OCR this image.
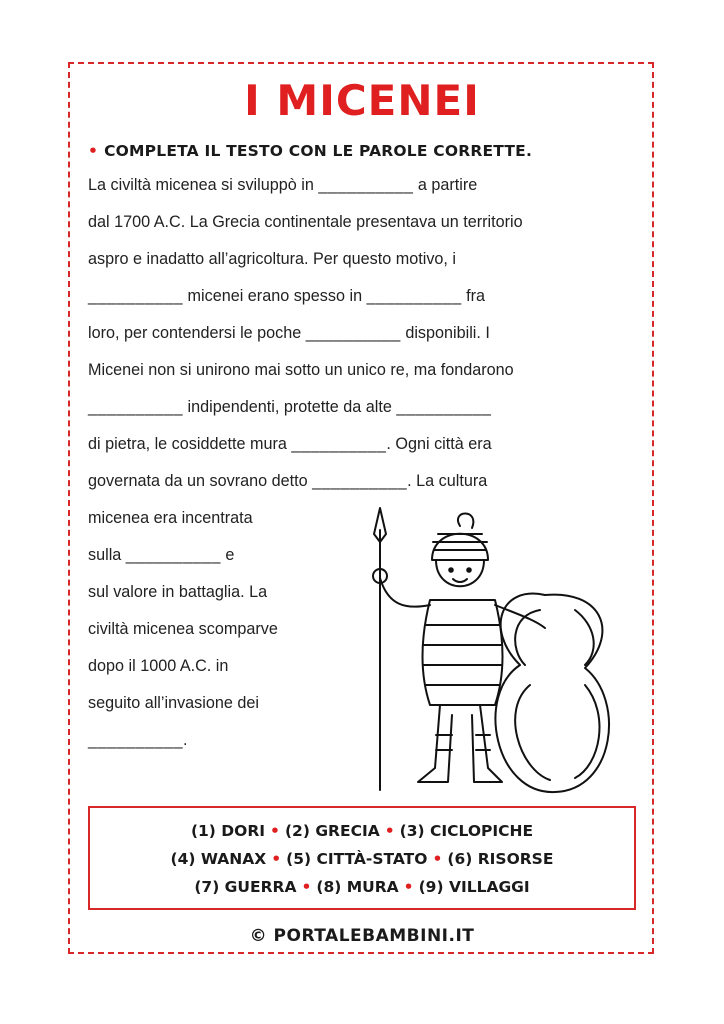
I MICENEI
• COMPLETA IL TESTO CON LE PAROLE CORRETTE.
La civiltà micenea si sviluppò in __________ a partire
dal 1700 A.C. La Grecia continentale presentava un territorio
aspro e inadatto all’agricoltura. Per questo motivo, i
__________ micenei erano spesso in __________ fra
loro, per contendersi le poche __________ disponibili. I
Micenei non si unirono mai sotto un unico re, ma fondarono
__________ indipendenti, protette da alte __________
di pietra, le cosiddette mura __________. Ogni città era
governata da un sovrano detto __________. La cultura
micenea era incentrata
sulla __________ e
sul valore in battaglia. La
civiltà micenea scomparve
dopo il 1000 A.C. in
seguito all’invasione dei
__________.
(1) DORI • (2) GRECIA • (3) CICLOPICHE
(4) WANAX • (5) CITTÀ-STATO • (6) RISORSE
(7) GUERRA • (8) MURA • (9) VILLAGGI
© PORTALEBAMBINI.IT
